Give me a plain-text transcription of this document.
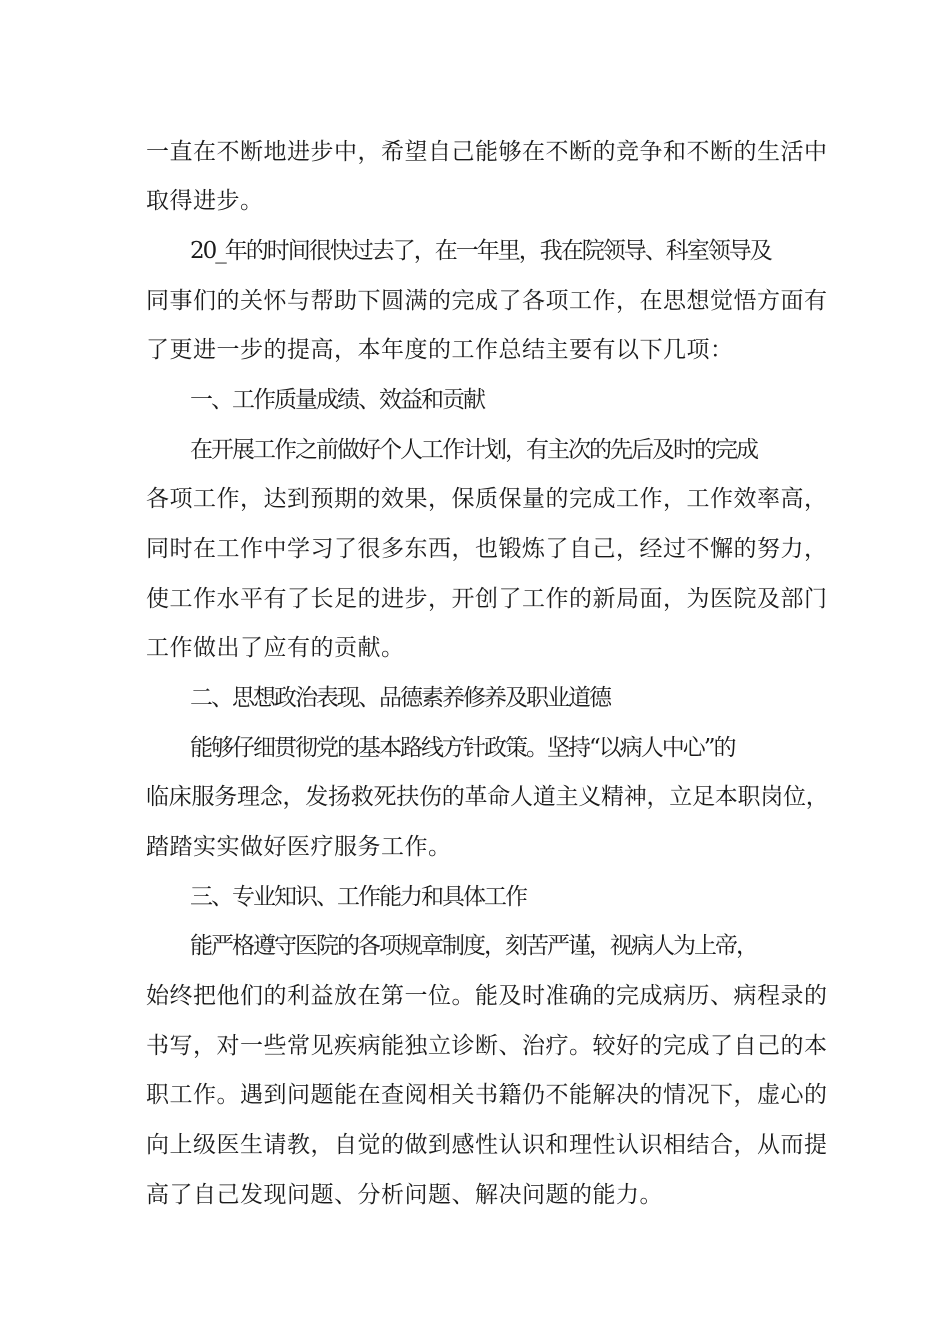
一直在不断地进步中，希望自己能够在不断的竞争和不断的生活中
取得进步。
20_年的时间很快过去了，在一年里，我在院领导、科室领导及
同事们的关怀与帮助下圆满的完成了各项工作，在思想觉悟方面有
了更进一步的提高，本年度的工作总结主要有以下几项：
一、工作质量成绩、效益和贡献
在开展工作之前做好个人工作计划，有主次的先后及时的完成
各项工作，达到预期的效果，保质保量的完成工作，工作效率高，
同时在工作中学习了很多东西，也锻炼了自己，经过不懈的努力，
使工作水平有了长足的进步，开创了工作的新局面，为医院及部门
工作做出了应有的贡献。
二、思想政治表现、品德素养修养及职业道德
能够仔细贯彻党的基本路线方针政策。坚持“以病人中心”的
临床服务理念，发扬救死扶伤的革命人道主义精神，立足本职岗位，
踏踏实实做好医疗服务工作。
三、专业知识、工作能力和具体工作
能严格遵守医院的各项规章制度，刻苦严谨，视病人为上帝，
始终把他们的利益放在第一位。能及时准确的完成病历、病程录的
书写，对一些常见疾病能独立诊断、治疗。较好的完成了自己的本
职工作。遇到问题能在查阅相关书籍仍不能解决的情况下，虚心的
向上级医生请教，自觉的做到感性认识和理性认识相结合，从而提
高了自己发现问题、分析问题、解决问题的能力。
